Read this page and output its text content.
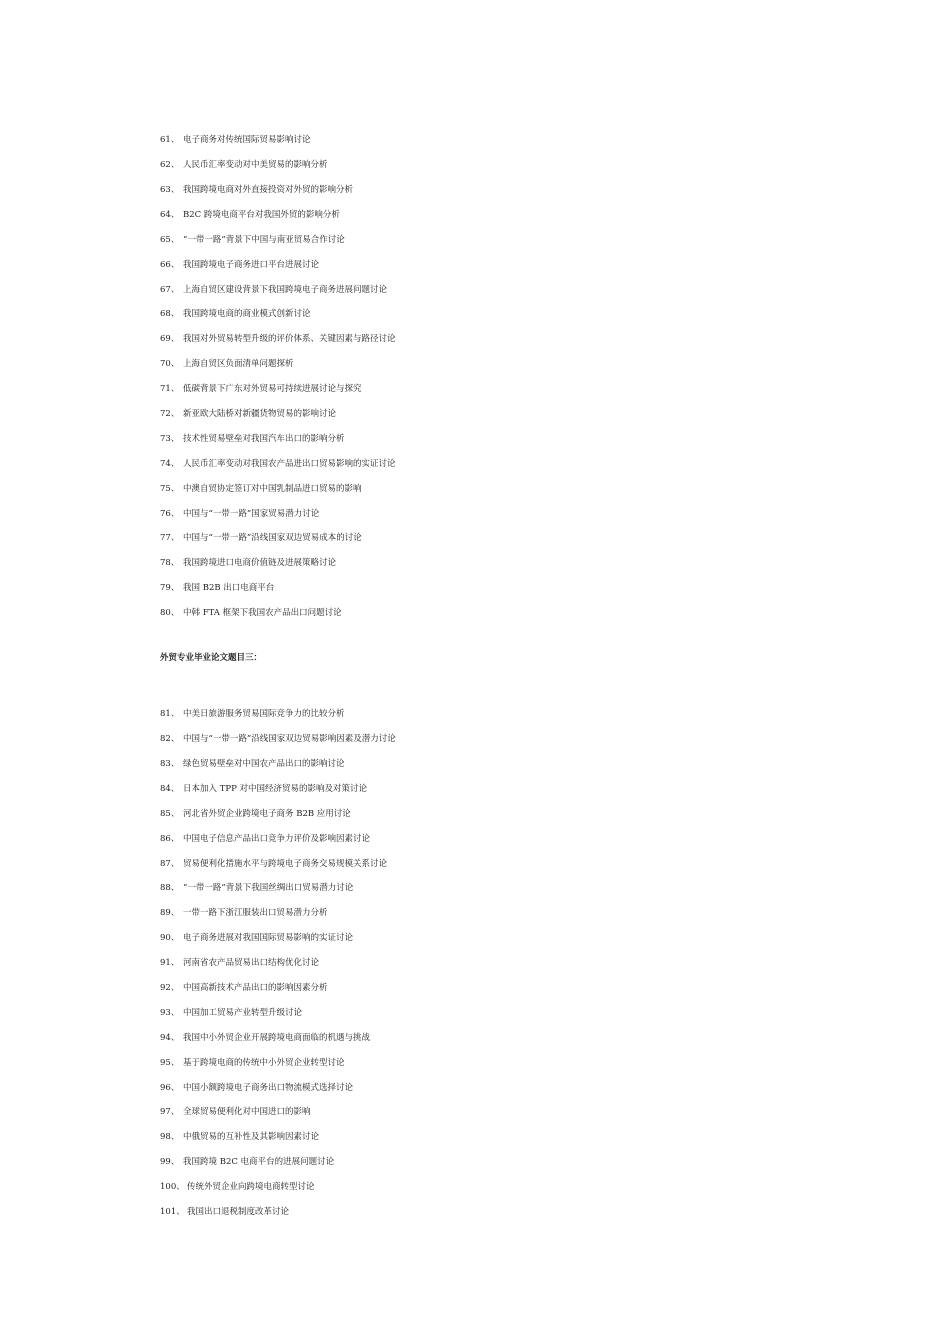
61、 电子商务对传统国际贸易影响讨论
62、 人民币汇率变动对中美贸易的影响分析
63、 我国跨境电商对外直接投资对外贸的影响分析
64、 B2C 跨境电商平台对我国外贸的影响分析
65、 “一带一路”背景下中国与南亚贸易合作讨论
66、 我国跨境电子商务进口平台进展讨论
67、 上海自贸区建设背景下我国跨境电子商务进展问题讨论
68、 我国跨境电商的商业模式创新讨论
69、 我国对外贸易转型升级的评价体系、关键因素与路径讨论
70、 上海自贸区负面清单问题探析
71、 低碳背景下广东对外贸易可持续进展讨论与探究
72、 新亚欧大陆桥对新疆货物贸易的影响讨论
73、 技术性贸易壁垒对我国汽车出口的影响分析
74、 人民币汇率变动对我国农产品进出口贸易影响的实证讨论
75、 中澳自贸协定签订对中国乳制品进口贸易的影响
76、 中国与“一带一路”国家贸易潜力讨论
77、 中国与“一带一路”沿线国家双边贸易成本的讨论
78、 我国跨境进口电商价值链及进展策略讨论
79、 我国 B2B 出口电商平台
80、 中韩 FTA 框架下我国农产品出口问题讨论
外贸专业毕业论文题目三：
81、 中美日旅游服务贸易国际竞争力的比较分析
82、 中国与“一带一路”沿线国家双边贸易影响因素及潜力讨论
83、 绿色贸易壁垒对中国农产品出口的影响讨论
84、 日本加入 TPP 对中国经济贸易的影响及对策讨论
85、 河北省外贸企业跨境电子商务 B2B 应用讨论
86、 中国电子信息产品出口竞争力评价及影响因素讨论
87、 贸易便利化措施水平与跨境电子商务交易规模关系讨论
88、 “一带一路”背景下我国丝绸出口贸易潜力讨论
89、 一带一路下浙江服装出口贸易潜力分析
90、 电子商务进展对我国国际贸易影响的实证讨论
91、 河南省农产品贸易出口结构优化讨论
92、 中国高新技术产品出口的影响因素分析
93、 中国加工贸易产业转型升级讨论
94、 我国中小外贸企业开展跨境电商面临的机遇与挑战
95、 基于跨境电商的传统中小外贸企业转型讨论
96、 中国小额跨境电子商务出口物流模式选择讨论
97、 全球贸易便利化对中国进口的影响
98、 中俄贸易的互补性及其影响因素讨论
99、 我国跨境 B2C 电商平台的进展问题讨论
100、 传统外贸企业向跨境电商转型讨论
101、 我国出口退税制度改革讨论
